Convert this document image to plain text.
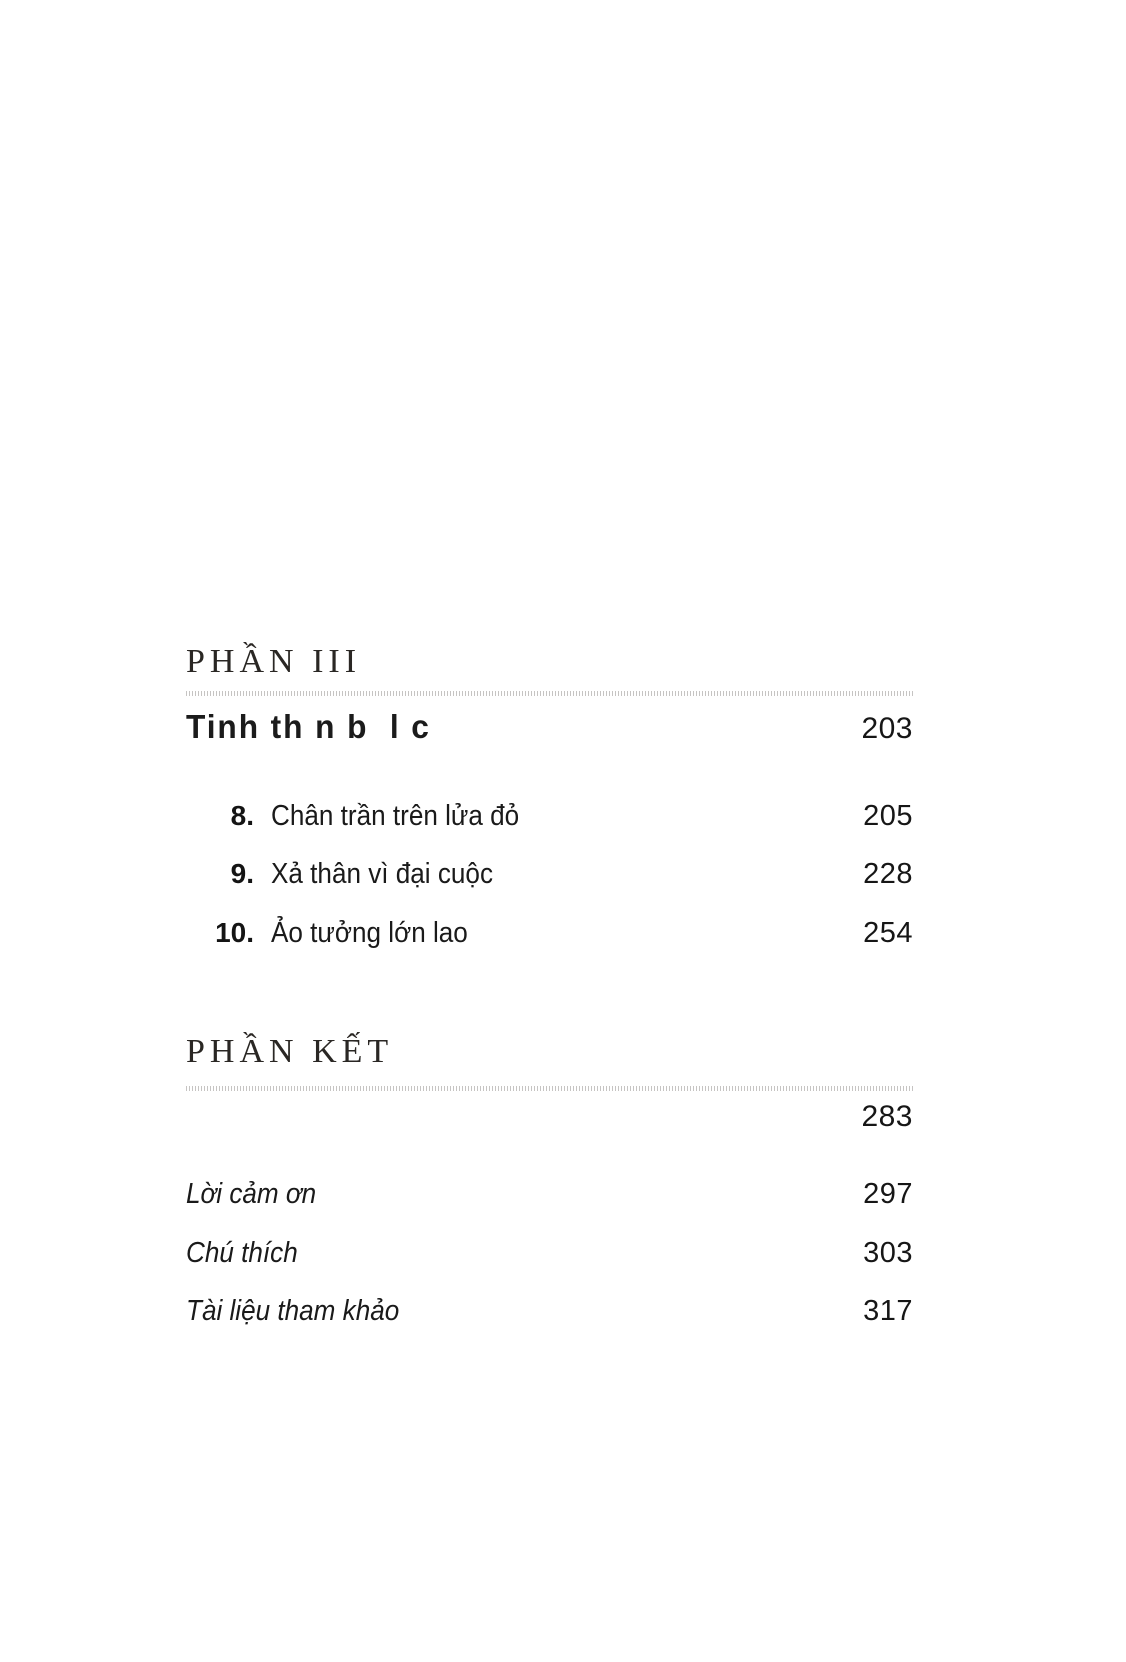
PHẦN III
Tinh th n b  l c	203
8. Chân trần trên lửa đỏ	205
9. Xả thân vì đại cuộc	228
10. Ảo tưởng lớn lao	254
PHẦN KẾT
283
Lời cảm ơn	297
Chú thích	303
Tài liệu tham khảo	317
